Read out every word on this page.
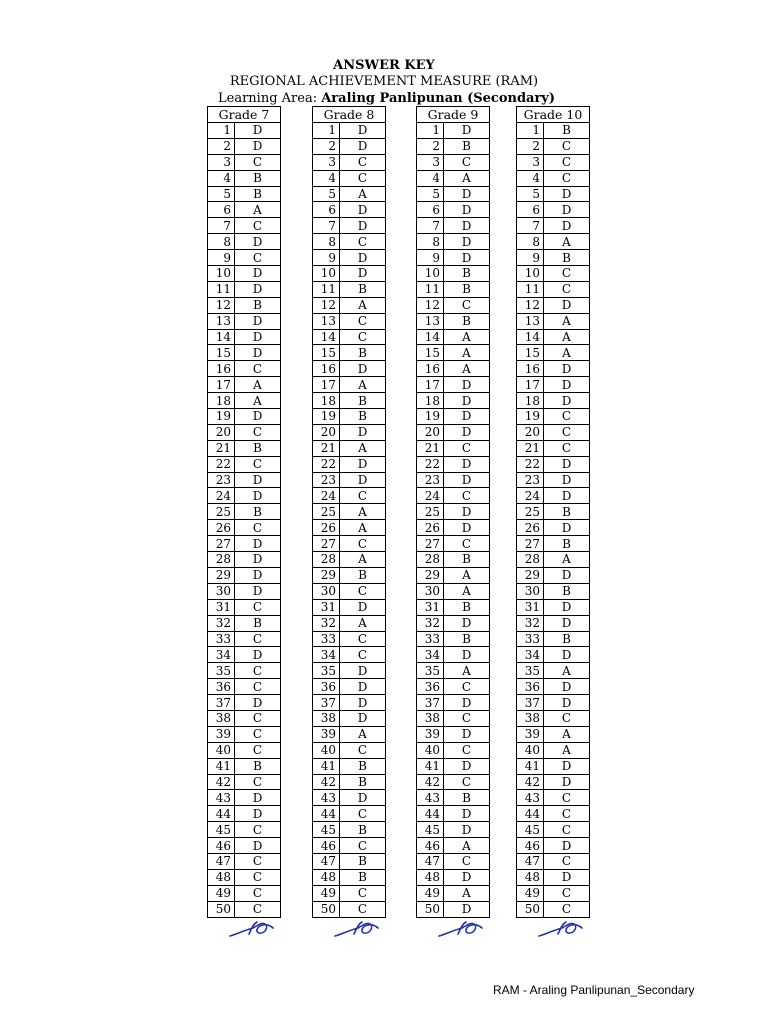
ANSWER KEY
REGIONAL ACHIEVEMENT MEASURE (RAM)
Learning Area: Araling Panlipunan (Secondary)
Grade 7	
1	D
2	D
3	C
4	B
5	B
6	A
7	C
8	D
9	C
10	D
11	D
12	B
13	D
14	D
15	D
16	C
17	A
18	A
19	D
20	C
21	B
22	C
23	D
24	D
25	B
26	C
27	D
28	D
29	D
30	D
31	C
32	B
33	C
34	D
35	C
36	C
37	D
38	C
39	C
40	C
41	B
42	C
43	D
44	D
45	C
46	D
47	C
48	C
49	C
50	C
Grade 8	
1	D
2	D
3	C
4	C
5	A
6	D
7	D
8	C
9	D
10	D
11	B
12	A
13	C
14	C
15	B
16	D
17	A
18	B
19	B
20	D
21	A
22	D
23	D
24	C
25	A
26	A
27	C
28	A
29	B
30	C
31	D
32	A
33	C
34	C
35	D
36	D
37	D
38	D
39	A
40	C
41	B
42	B
43	D
44	C
45	B
46	C
47	B
48	B
49	C
50	C
Grade 9	
1	D
2	B
3	C
4	A
5	D
6	D
7	D
8	D
9	D
10	B
11	B
12	C
13	B
14	A
15	A
16	A
17	D
18	D
19	D
20	D
21	C
22	D
23	D
24	C
25	D
26	D
27	C
28	B
29	A
30	A
31	B
32	D
33	B
34	D
35	A
36	C
37	D
38	C
39	D
40	C
41	D
42	C
43	B
44	D
45	D
46	A
47	C
48	D
49	A
50	D
Grade 10	
1	B
2	C
3	C
4	C
5	D
6	D
7	D
8	A
9	B
10	C
11	C
12	D
13	A
14	A
15	A
16	D
17	D
18	D
19	C
20	C
21	C
22	D
23	D
24	D
25	B
26	D
27	B
28	A
29	D
30	B
31	D
32	D
33	B
34	D
35	A
36	D
37	D
38	C
39	A
40	A
41	D
42	D
43	C
44	C
45	C
46	D
47	C
48	D
49	C
50	C
RAM - Araling Panlipunan_Secondary
